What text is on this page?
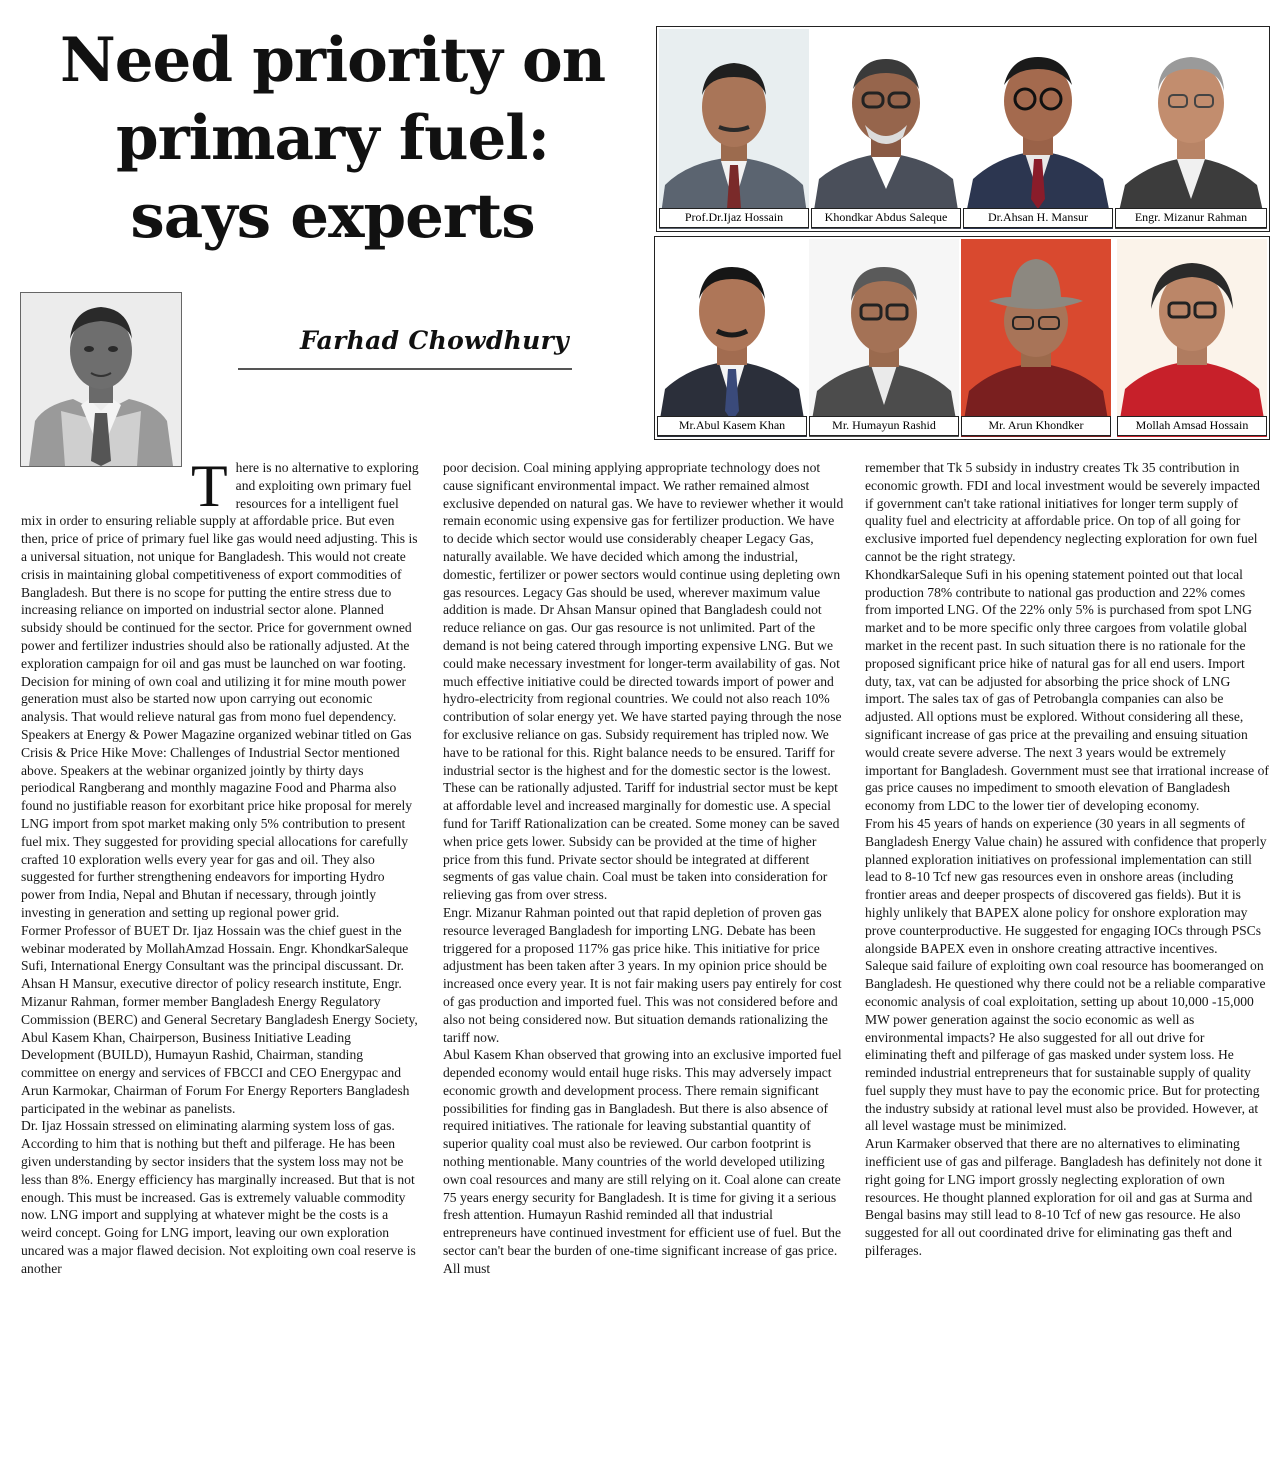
Need priority on
primary fuel:
says experts

Farhad Chowdhury

Prof.Dr.Ijaz Hossain	Khondkar Abdus Saleque	Dr.Ahsan H. Mansur	Engr. Mizanur Rahman
Mr.Abul Kasem Khan	Mr. Humayun Rashid	Mr. Arun Khondker	Mollah Amsad Hossain

There is no alternative to exploring and exploiting own primary fuel resources for a intelligent fuel mix in order to ensuring reliable supply at affordable price. But even then, price of price of primary fuel like gas would need adjusting. This is a universal situation, not unique for Bangladesh. This would not create crisis in maintaining global competitiveness of export commodities of Bangladesh. But there is no scope for putting the entire stress due to increasing reliance on imported on industrial sector alone. Planned subsidy should be continued for the sector. Price for government owned power and fertilizer industries should also be rationally adjusted. At the exploration campaign for oil and gas must be launched on war footing. Decision for mining of own coal and utilizing it for mine mouth power generation must also be started now upon carrying out economic analysis. That would relieve natural gas from mono fuel dependency.

Speakers at Energy & Power Magazine organized webinar titled on Gas Crisis & Price Hike Move: Challenges of Industrial Sector mentioned above. Speakers at the webinar organized jointly by thirty days periodical Rangberang and monthly magazine Food and Pharma also found no justifiable reason for exorbitant price hike proposal for merely LNG import from spot market making only 5% contribution to present fuel mix. They suggested for providing special allocations for carefully crafted 10 exploration wells every year for gas and oil. They also suggested for further strengthening endeavors for importing Hydro power from India, Nepal and Bhutan if necessary, through jointly investing in generation and setting up regional power grid.

Former Professor of BUET Dr. Ijaz Hossain was the chief guest in the webinar moderated by MollahAmzad Hossain. Engr. KhondkarSaleque Sufi, International Energy Consultant was the principal discussant. Dr. Ahsan H Mansur, executive director of policy research institute, Engr. Mizanur Rahman, former member Bangladesh Energy Regulatory Commission (BERC) and General Secretary Bangladesh Energy Society, Abul Kasem Khan, Chairperson, Business Initiative Leading Development (BUILD), Humayun Rashid, Chairman, standing committee on energy and services of FBCCI and CEO Energypac and Arun Karmokar, Chairman of Forum For Energy Reporters Bangladesh participated in the webinar as panelists.

Dr. Ijaz Hossain stressed on eliminating alarming system loss of gas. According to him that is nothing but theft and pilferage. He has been given understanding by sector insiders that the system loss may not be less than 8%. Energy efficiency has marginally increased. But that is not enough. This must be increased. Gas is extremely valuable commodity now. LNG import and supplying at whatever might be the costs is a weird concept. Going for LNG import, leaving our own exploration uncared was a major flawed decision. Not exploiting own coal reserve is another

poor decision. Coal mining applying appropriate technology does not cause significant environmental impact. We rather remained almost exclusive depended on natural gas. We have to reviewer whether it would remain economic using expensive gas for fertilizer production. We have to decide which sector would use considerably cheaper Legacy Gas, naturally available. We have decided which among the industrial, domestic, fertilizer or power sectors would continue using depleting own gas resources. Legacy Gas should be used, wherever maximum value addition is made. Dr Ahsan Mansur opined that Bangladesh could not reduce reliance on gas. Our gas resource is not unlimited. Part of the demand is not being catered through importing expensive LNG. But we could make necessary investment for longer-term availability of gas. Not much effective initiative could be directed towards import of power and hydro-electricity from regional countries. We could not also reach 10% contribution of solar energy yet. We have started paying through the nose for exclusive reliance on gas. Subsidy requirement has tripled now. We have to be rational for this. Right balance needs to be ensured. Tariff for industrial sector is the highest and for the domestic sector is the lowest. These can be rationally adjusted. Tariff for industrial sector must be kept at affordable level and increased marginally for domestic use. A special fund for Tariff Rationalization can be created. Some money can be saved when price gets lower. Subsidy can be provided at the time of higher price from this fund. Private sector should be integrated at different segments of gas value chain. Coal must be taken into consideration for relieving gas from over stress.

Engr. Mizanur Rahman pointed out that rapid depletion of proven gas resource leveraged Bangladesh for importing LNG. Debate has been triggered for a proposed 117% gas price hike. This initiative for price adjustment has been taken after 3 years. In my opinion price should be increased once every year. It is not fair making users pay entirely for cost of gas production and imported fuel. This was not considered before and also not being considered now. But situation demands rationalizing the tariff now.

Abul Kasem Khan observed that growing into an exclusive imported fuel depended economy would entail huge risks. This may adversely impact economic growth and development process. There remain significant possibilities for finding gas in Bangladesh. But there is also absence of required initiatives. The rationale for leaving substantial quantity of superior quality coal must also be reviewed. Our carbon footprint is nothing mentionable. Many countries of the world developed utilizing own coal resources and many are still relying on it. Coal alone can create 75 years energy security for Bangladesh. It is time for giving it a serious fresh attention. Humayun Rashid reminded all that industrial entrepreneurs have continued investment for efficient use of fuel. But the sector can't bear the burden of one-time significant increase of gas price. All must

remember that Tk 5 subsidy in industry creates Tk 35 contribution in economic growth. FDI and local investment would be severely impacted if government can't take rational initiatives for longer term supply of quality fuel and electricity at affordable price. On top of all going for exclusive imported fuel dependency neglecting exploration for own fuel cannot be the right strategy.

KhondkarSaleque Sufi in his opening statement pointed out that local production 78% contribute to national gas production and 22% comes from imported LNG. Of the 22% only 5% is purchased from spot LNG market and to be more specific only three cargoes from volatile global market in the recent past. In such situation there is no rationale for the proposed significant price hike of natural gas for all end users. Import duty, tax, vat can be adjusted for absorbing the price shock of LNG import. The sales tax of gas of Petrobangla companies can also be adjusted. All options must be explored. Without considering all these, significant increase of gas price at the prevailing and ensuing situation would create severe adverse. The next 3 years would be extremely important for Bangladesh. Government must see that irrational increase of gas price causes no impediment to smooth elevation of Bangladesh economy from LDC to the lower tier of developing economy.

From his 45 years of hands on experience (30 years in all segments of Bangladesh Energy Value chain) he assured with confidence that properly planned exploration initiatives on professional implementation can still lead to 8-10 Tcf new gas resources even in onshore areas (including frontier areas and deeper prospects of discovered gas fields). But it is highly unlikely that BAPEX alone policy for onshore exploration may prove counterproductive. He suggested for engaging IOCs through PSCs alongside BAPEX even in onshore creating attractive incentives.

Saleque said failure of exploiting own coal resource has boomeranged on Bangladesh. He questioned why there could not be a reliable comparative economic analysis of coal exploitation, setting up about 10,000 -15,000 MW power generation against the socio economic as well as environmental impacts? He also suggested for all out drive for eliminating theft and pilferage of gas masked under system loss. He reminded industrial entrepreneurs that for sustainable supply of quality fuel supply they must have to pay the economic price. But for protecting the industry subsidy at rational level must also be provided. However, at all level wastage must be minimized.

Arun Karmaker observed that there are no alternatives to eliminating inefficient use of gas and pilferage. Bangladesh has definitely not done it right going for LNG import grossly neglecting exploration of own resources. He thought planned exploration for oil and gas at Surma and Bengal basins may still lead to 8-10 Tcf of new gas resource. He also suggested for all out coordinated drive for eliminating gas theft and pilferages.
